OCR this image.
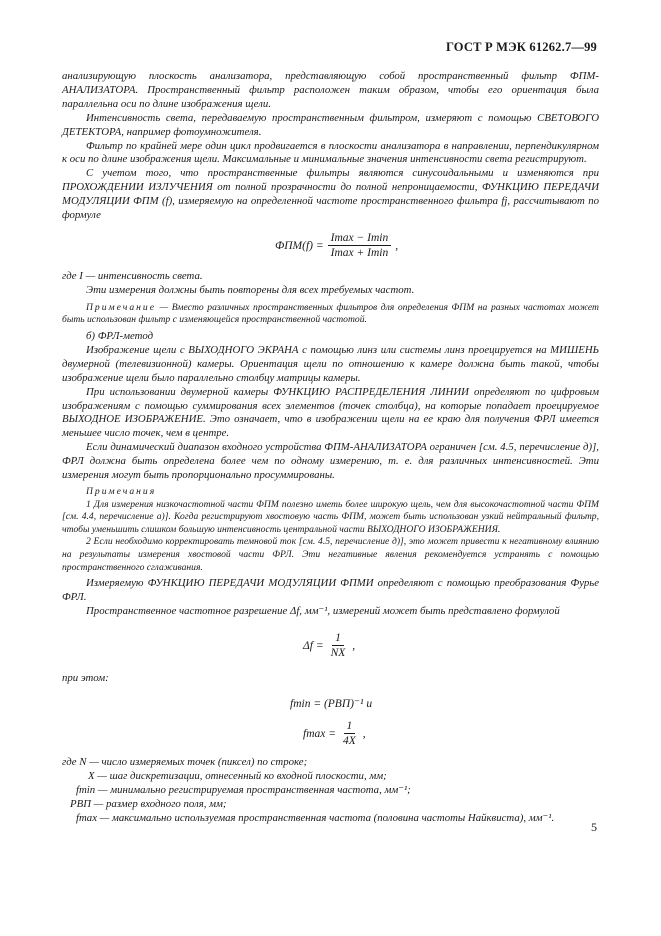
ГОСТ Р МЭК 61262.7—99

анализирующую плоскость анализатора, представляющую собой пространственный фильтр ФПМ-АНАЛИЗАТОРА. Пространственный фильтр расположен таким образом, чтобы его ориентация была параллельна оси по длине изображения щели.

Интенсивность света, передаваемую пространственным фильтром, измеряют с помощью СВЕТОВОГО ДЕТЕКТОРА, например фотоумножителя.

Фильтр по крайней мере один цикл продвигается в плоскости анализатора в направлении, перпендикулярном к оси по длине изображения щели. Максимальные и минимальные значения интенсивности света регистрируют.

С учетом того, что пространственные фильтры являются синусоидальными и изменяются при ПРОХОЖДЕНИИ ИЗЛУЧЕНИЯ от полной прозрачности до полной непроницаемости, ФУНКЦИЮ ПЕРЕДАЧИ МОДУЛЯЦИИ ФПМ (f), измеряемую на определенной частоте пространственного фильтра fj, рассчитывают по формуле

$ФПМ(f) = \frac{Imax - Imin}{Imax + Imin}$ ,

где I — интенсивность света.

Эти измерения должны быть повторены для всех требуемых частот.

Примечание — Вместо различных пространственных фильтров для определения ФПМ на разных частотах может быть использован фильтр с изменяющейся пространственной частотой.

б) ФРЛ-метод

Изображение щели с ВЫХОДНОГО ЭКРАНА с помощью линз или системы линз проецируется на МИШЕНЬ двумерной (телевизионной) камеры. Ориентация щели по отношению к камере должна быть такой, чтобы изображение щели было параллельно столбцу матрицы камеры.

При использовании двумерной камеры ФУНКЦИЮ РАСПРЕДЕЛЕНИЯ ЛИНИИ определяют по цифровым изображениям с помощью суммирования всех элементов (точек столбца), на которые попадает проецируемое ВЫХОДНОЕ ИЗОБРАЖЕНИЕ. Это означает, что в изображении щели на ее краю для получения ФРЛ имеется меньшее число точек, чем в центре.

Если динамический диапазон входного устройства ФПМ-АНАЛИЗАТОРА ограничен [см. 4.5, перечисление д)], ФРЛ должна быть определена более чем по одному измерению, т. е. для различных интенсивностей. Эти измерения могут быть пропорционально просуммированы.

Примечания

1 Для измерения низкочастотной части ФПМ полезно иметь более широкую щель, чем для высокочастотной части ФПМ [см. 4.4, перечисление а)]. Когда регистрируют хвостовую часть ФПМ, может быть использован узкий нейтральный фильтр, чтобы уменьшить слишком большую интенсивность центральной части ВЫХОДНОГО ИЗОБРАЖЕНИЯ.

2 Если необходимо корректировать темновой ток [см. 4.5, перечисление д)], это может привести к негативному влиянию на результаты измерения хвостовой части ФРЛ. Эти негативные явления рекомендуется устранять с помощью пространственного сглаживания.

Измеряемую ФУНКЦИЮ ПЕРЕДАЧИ МОДУЛЯЦИИ ФПМИ определяют с помощью преобразования Фурье ФРЛ.

Пространственное частотное разрешение Δf, мм⁻¹, измерений может быть представлено формулой

$\Delta f = \frac{1}{NX}$ ,

при этом:

fmin = (РВП)⁻¹ и
$fmax = \frac{1}{4X}$ ,

где N — число измеряемых точек (пиксел) по строке;

X — шаг дискретизации, отнесенный ко входной плоскости, мм;

fmin — минимально регистрируемая пространственная частота, мм⁻¹;

РВП — размер входного поля, мм;

fmax — максимально используемая пространственная частота (половина частоты Найквиста), мм⁻¹.

5
